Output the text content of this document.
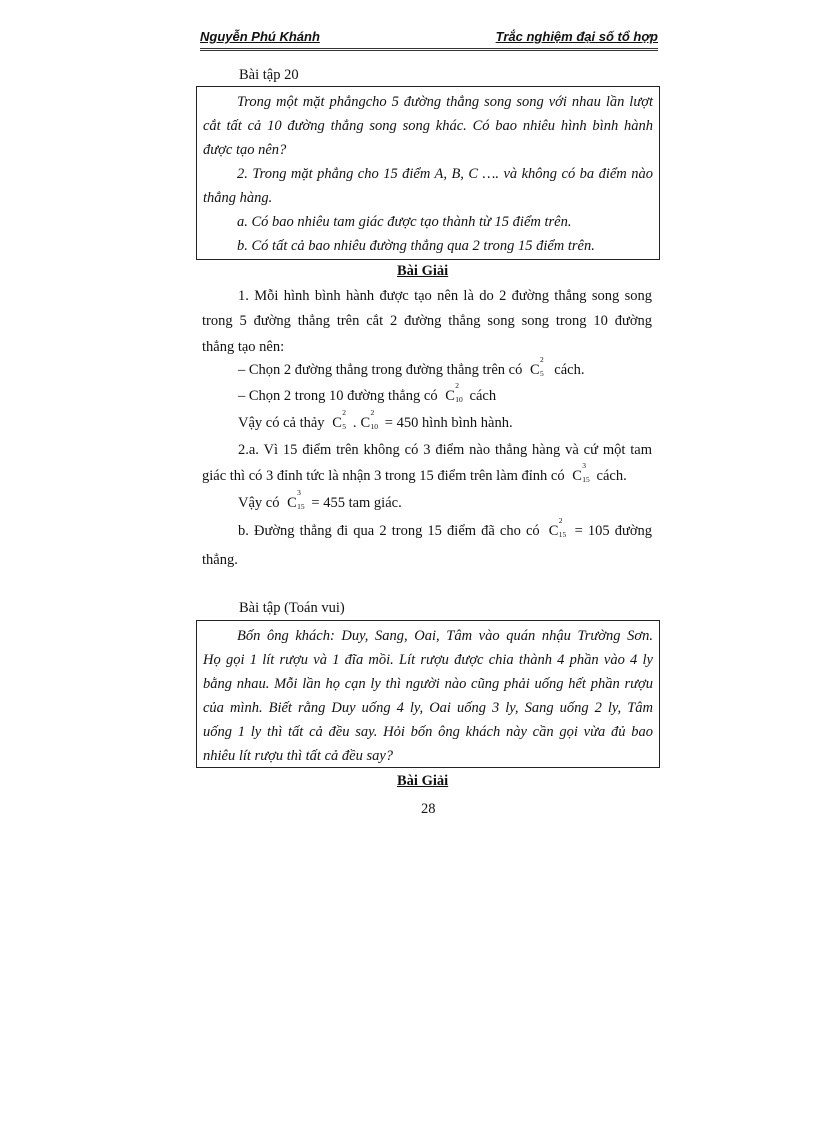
Nguyễn Phú Khánh	Trắc nghiệm đại số tổ hợp
Bài tập 20
Trong một mặt phẳngcho 5 đường thẳng song song với nhau lần lượt
cắt tất cả 10 đường thẳng song song khác. Có bao nhiêu hình bình hành
được tạo nên?
2. Trong mặt phẳng cho 15 điểm A, B, C …. và không có ba điểm nào
thẳng hàng.
a. Có bao nhiêu tam giác được tạo thành từ 15 điểm trên.
b. Có tất cả bao nhiêu đường thẳng qua 2 trong 15 điểm trên.
Bài Giải
1. Mỗi hình bình hành được tạo nên là do 2 đường thẳng song song
trong 5 đường thẳng trên cắt 2 đường thẳng song song trong 10 đường
thẳng tạo nên:
– Chọn 2 đường thẳng trong đường thẳng trên có C
2
5 cách.
– Chọn 2 trong 10 đường thẳng có C
2
10 cách
Vậy có cả thảy C
2
5 . C
2
10 = 450 hình bình hành.
2.a. Vì 15 điểm trên không có 3 điểm nào thẳng hàng và cứ một tam
giác thì có 3 đỉnh tức là nhận 3 trong 15 điểm trên làm đỉnh có C
3
15 cách.
Vậy có C
3
15 = 455 tam giác.
b. Đường thẳng đi qua 2 trong 15 điểm đã cho có C
2
15 = 105 đường
thẳng.
Bài tập (Toán vui)
Bốn ông khách: Duy, Sang, Oai, Tâm vào quán nhậu Trường Sơn.
Họ gọi 1 lít rượu và 1 đĩa mồi. Lít rượu được chia thành 4 phần vào 4 ly
bằng nhau. Mỗi lần họ cạn ly thì người nào cũng phải uống hết phần rượu
của mình. Biết rằng Duy uống 4 ly, Oai uống 3 ly, Sang uống 2 ly, Tâm
uống 1 ly thì tất cả đều say. Hỏi bốn ông khách này cần gọi vừa đủ bao
nhiêu lít rượu thì tất cả đều say?
Bài Giải
28
